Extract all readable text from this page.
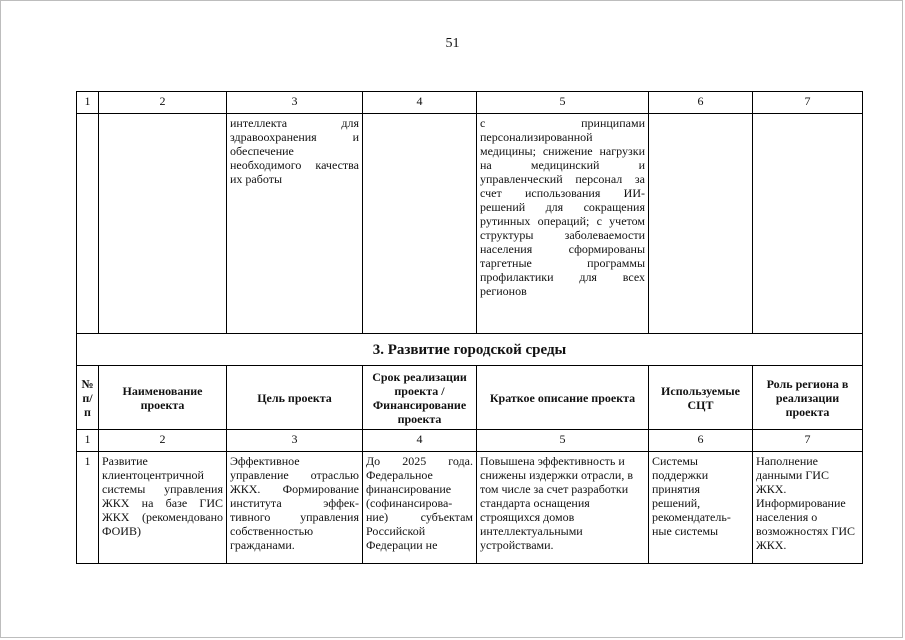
51
1	2	3	4	5	6	7
		интеллекта для здравоохранения и обеспечение необходимого качества их работы		с принципами персонализированной медицины; снижение нагрузки на медицинский и управленческий персонал за счет использования ИИ-решений для сокращения рутинных операций; с учетом структуры заболеваемости населения сформированы таргетные программы профилактики для всех регионов		
3. Развитие городской среды						
№ п/п	Наименование проекта	Цель проекта	Срок реализации проекта / Финансирование проекта	Краткое описание проекта	Используемые СЦТ	Роль региона в реализации проекта
1	2	3	4	5	6	7
1	Развитие клиентоцентричной системы управления ЖКХ на базе ГИС ЖКХ (рекомендовано ФОИВ)	Эффективное управление отраслью ЖКХ. Формирование института эффек-тивного управления собственностью гражданами.	До 2025 года. Федеральное финансирование (софинансирова-ние) субъектам Российской Федерации не	Повышена эффективность и снижены издержки отрасли, в том числе за счет разработки стандарта оснащения строящихся домов интеллектуальными устройствами.	Системы поддержки принятия решений, рекомендатель-ные системы	Наполнение данными ГИС ЖКХ. Информирование населения о возможностях ГИС ЖКХ.
